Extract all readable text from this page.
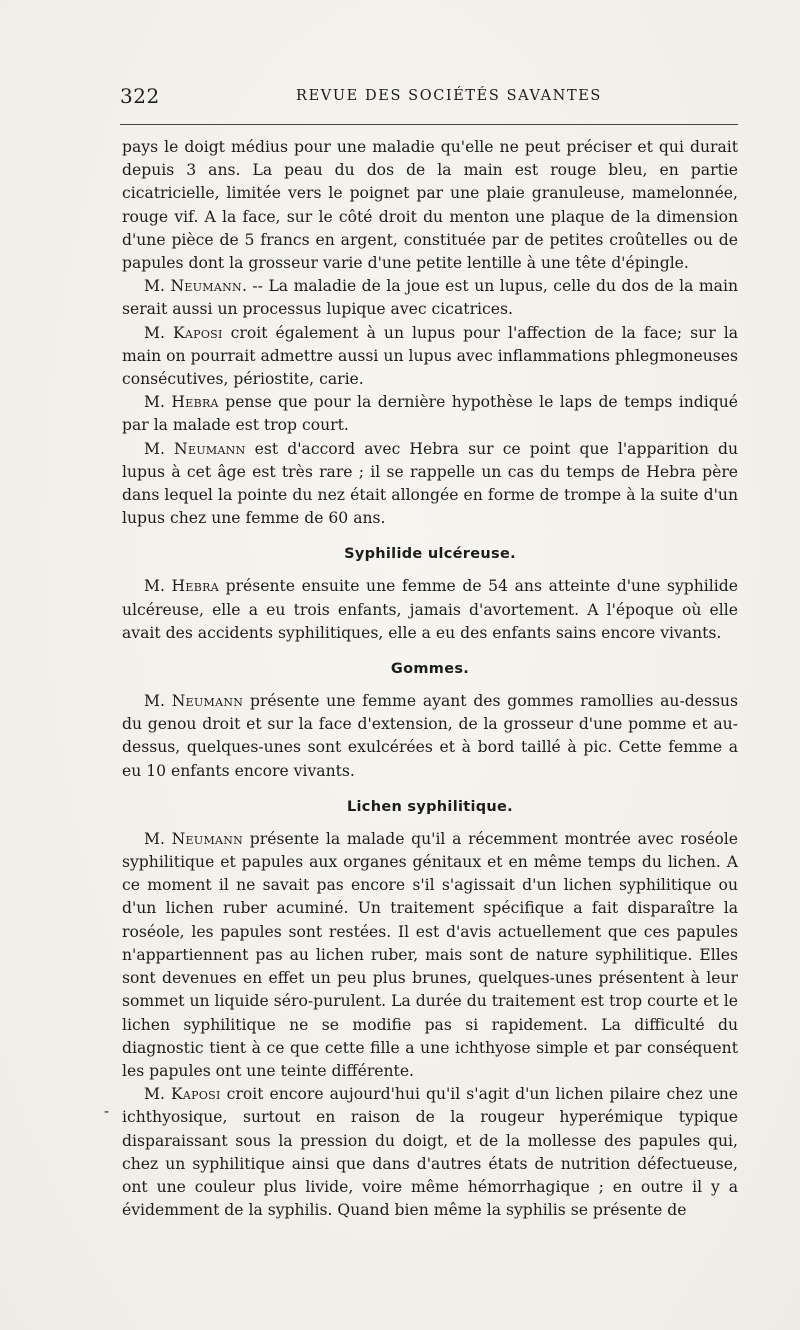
322	REVUE DES SOCIÉTÉS SAVANTES
-

pays le doigt médius pour une maladie qu'elle ne peut préciser et qui durait depuis 3 ans. La peau du dos de la main est rouge bleu, en partie cicatricielle, limitée vers le poignet par une plaie granuleuse, mamelonnée, rouge vif. A la face, sur le côté droit du menton une plaque de la dimension d'une pièce de 5 francs en argent, constituée par de petites croûtelles ou de papules dont la grosseur varie d'une petite lentille à une tête d'épingle.

M. Neumann. -- La maladie de la joue est un lupus, celle du dos de la main serait aussi un processus lupique avec cicatrices.

M. Kaposi croit également à un lupus pour l'affection de la face; sur la main on pourrait admettre aussi un lupus avec inflammations phlegmoneuses consécutives, périostite, carie.

M. Hebra pense que pour la dernière hypothèse le laps de temps indiqué par la malade est trop court.

M. Neumann est d'accord avec Hebra sur ce point que l'apparition du lupus à cet âge est très rare ; il se rappelle un cas du temps de Hebra père dans lequel la pointe du nez était allongée en forme de trompe à la suite d'un lupus chez une femme de 60 ans.

Syphilide ulcéreuse.

M. Hebra présente ensuite une femme de 54 ans atteinte d'une syphilide ulcéreuse, elle a eu trois enfants, jamais d'avortement. A l'époque où elle avait des accidents syphilitiques, elle a eu des enfants sains encore vivants.

Gommes.

M. Neumann présente une femme ayant des gommes ramollies au-dessus du genou droit et sur la face d'extension, de la grosseur d'une pomme et au-dessus, quelques-unes sont exulcérées et à bord taillé à pic. Cette femme a eu 10 enfants encore vivants.

Lichen syphilitique.

M. Neumann présente la malade qu'il a récemment montrée avec roséole syphilitique et papules aux organes génitaux et en même temps du lichen. A ce moment il ne savait pas encore s'il s'agissait d'un lichen syphilitique ou d'un lichen ruber acuminé. Un traitement spécifique a fait disparaître la roséole, les papules sont restées. Il est d'avis actuellement que ces papules n'appartiennent pas au lichen ruber, mais sont de nature syphilitique. Elles sont devenues en effet un peu plus brunes, quelques-unes présentent à leur sommet un liquide séro-purulent. La durée du traitement est trop courte et le lichen syphilitique ne se modifie pas si rapidement. La difficulté du diagnostic tient à ce que cette fille a une ichthyose simple et par conséquent les papules ont une teinte différente.

M. Kaposi croit encore aujourd'hui qu'il s'agit d'un lichen pilaire chez une ichthyosique, surtout en raison de la rougeur hyperémique typique disparaissant sous la pression du doigt, et de la mollesse des papules qui, chez un syphilitique ainsi que dans d'autres états de nutrition défectueuse, ont une couleur plus livide, voire même hémorrhagique ; en outre il y a évidemment de la syphilis. Quand bien même la syphilis se présente de
